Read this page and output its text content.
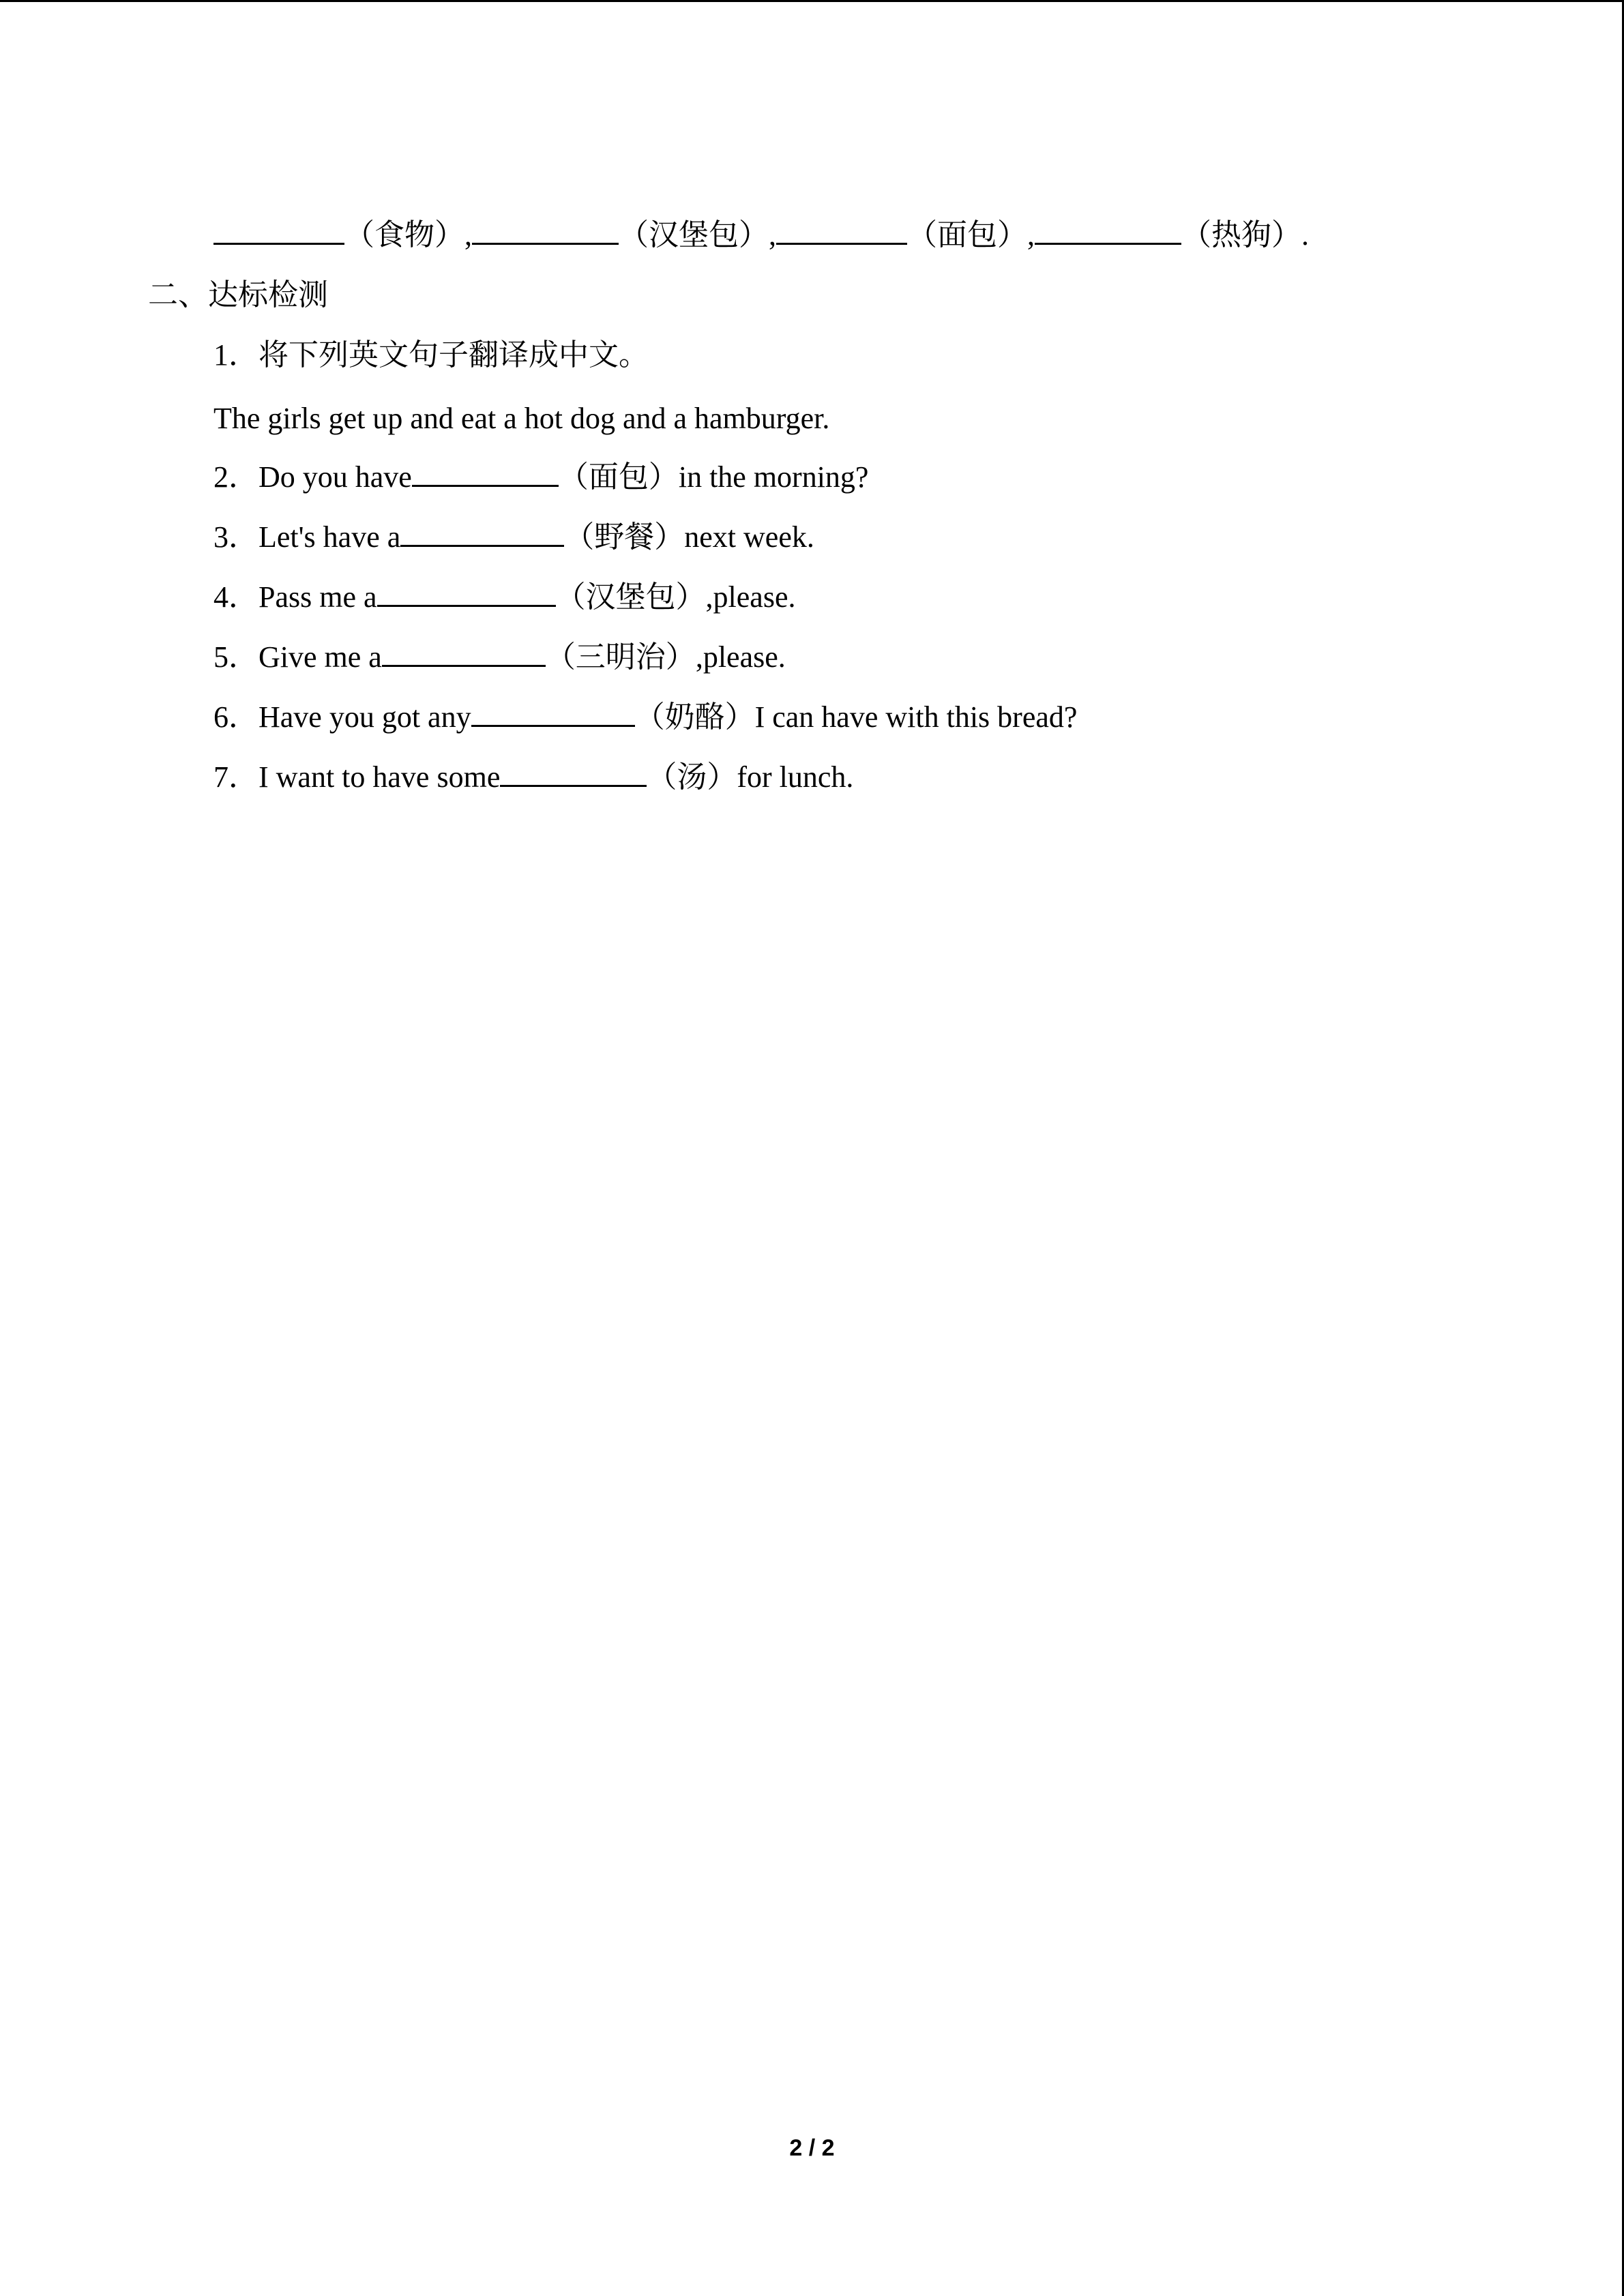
（食物）,	（汉堡包）,	（面包）,	（热狗）.
二、达标检测
1．将下列英文句子翻译成中文。
The girls get up and eat a hot dog and a hamburger.
2．Do you have	（面包）in the morning?
3．Let's have a	（野餐）next week.
4．Pass me a	（汉堡包）,please.
5．Give me a	（三明治）,please.
6．Have you got any	（奶酪）I can have with this bread?
7．I want to have some	（汤）for lunch.
2 / 2
